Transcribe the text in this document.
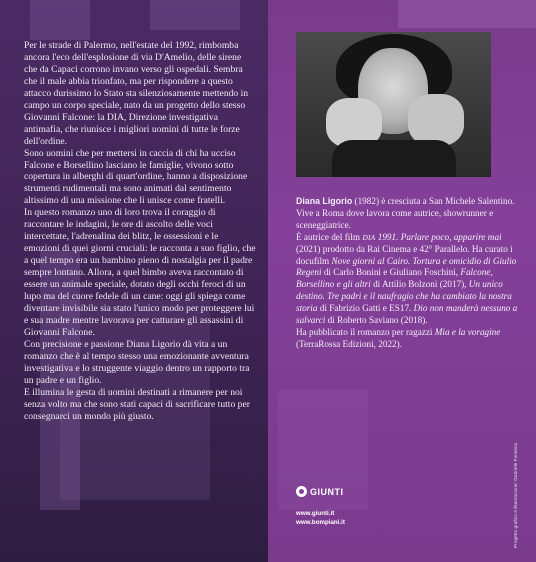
Per le strade di Palermo, nell'estate del 1992, rimbomba ancora l'eco dell'esplosione di via D'Amelio, delle sirene che da Capaci corrono invano verso gli ospedali. Sembra che il male abbia trionfato, ma per rispondere a questo attacco durissimo lo Stato sta silenziosamente mettendo in campo un corpo speciale, nato da un progetto dello stesso Giovanni Falcone: la DIA, Direzione investigativa antimafia, che riunisce i migliori uomini di tutte le forze dell'ordine.

Sono uomini che per mettersi in caccia di chi ha ucciso Falcone e Borsellino lasciano le famiglie, vivono sotto copertura in alberghi di quart'ordine, hanno a disposizione strumenti rudimentali ma sono animati dal sentimento altissimo di una missione che li unisce come fratelli.

In questo romanzo uno di loro trova il coraggio di raccontare le indagini, le ore di ascolto delle voci intercettate, l'adrenalina dei blitz, le ossessioni e le emozioni di quei giorni cruciali: le racconta a suo figlio, che a quel tempo era un bambino pieno di nostalgia per il padre sempre lontano. Allora, a quel bimbo aveva raccontato di essere un animale speciale, dotato degli occhi feroci di un lupo ma del cuore fedele di un cane: oggi gli spiega come diventare invisibile sia stato l'unico modo per proteggere lui e sua madre mentre lavorava per catturare gli assassini di Giovanni Falcone.

Con precisione e passione Diana Ligorio dà vita a un romanzo che è al tempo stesso una emozionante avventura investigativa e lo struggente viaggio dentro un rapporto tra un padre e un figlio.

E illumina le gesta di uomini destinati a rimanere per noi senza volto ma che sono stati capaci di sacrificare tutto per consegnarci un mondo più giusto.

Diana Ligorio (1982) è cresciuta a San Michele Salentino. Vive a Roma dove lavora come autrice, showrunner e sceneggiatrice.

È autrice del film DIA 1991. Parlare poco, apparire mai (2021) prodotto da Rai Cinema e 42° Parallelo. Ha curato i docufilm Nove giorni al Cairo. Tortura e omicidio di Giulio Regeni di Carlo Bonini e Giuliano Foschini, Falcone, Borsellino e gli altri di Attilio Bolzoni (2017), Un unico destino. Tre padri e il naufragio che ha cambiato la nostra storia di Fabrizio Gatti e ES17. Dio non manderà nessuno a salvarci di Roberto Saviano (2018).

Ha pubblicato il romanzo per ragazzi Mia e la voragine (TerraRossa Edizioni, 2022).

GIUNTI
www.giunti.it
www.bompiani.it
